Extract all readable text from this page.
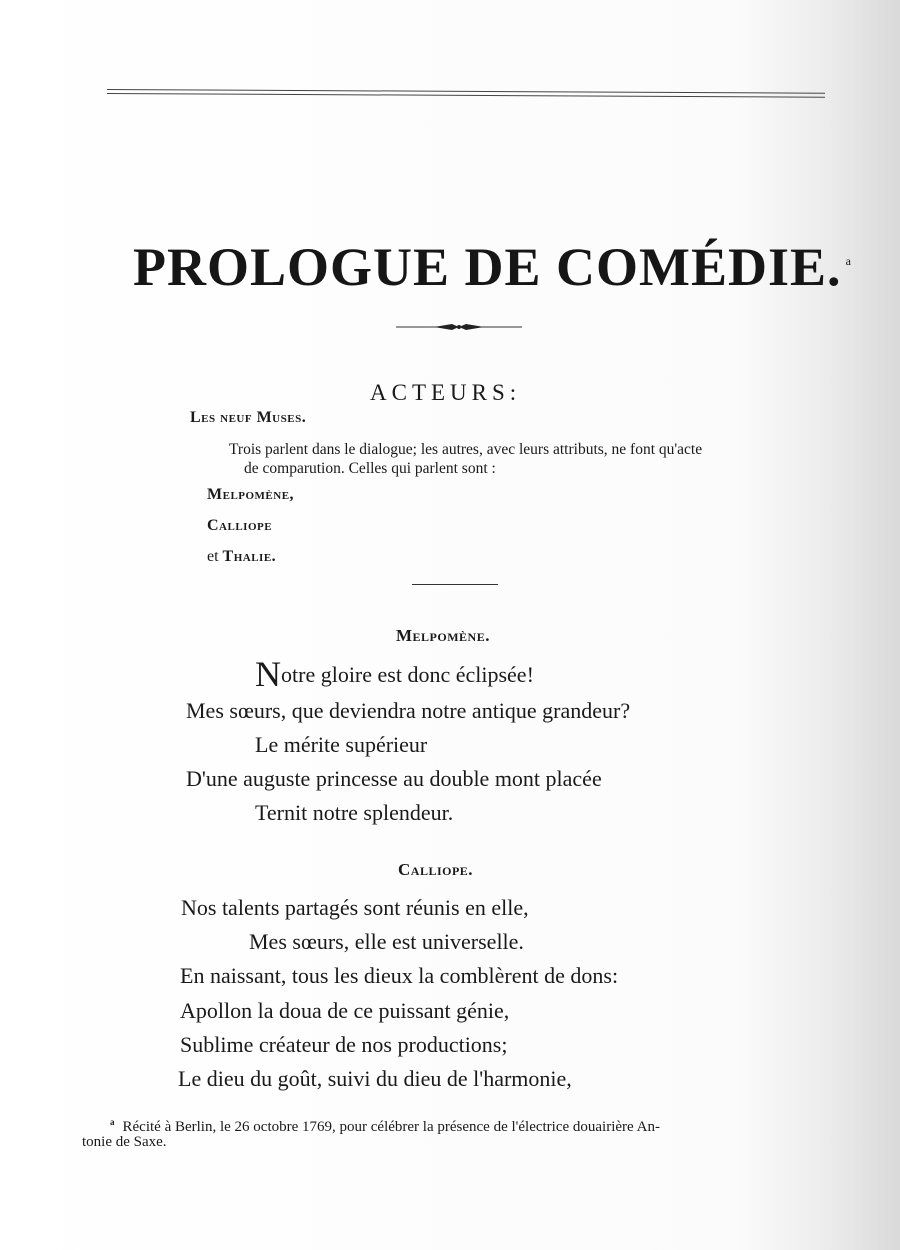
PROLOGUE DE COMÉDIE. $^a$
ACTEURS:
Les neuf Muses.
Trois parlent dans le dialogue; les autres, avec leurs attributs, ne font qu'acte
de comparution. Celles qui parlent sont :
Melpomène,
Calliope
et Thalie.
Melpomène.
Notre gloire est donc éclipsée!
Mes sœurs, que deviendra notre antique grandeur?
Le mérite supérieur
D'une auguste princesse au double mont placée
Ternit notre splendeur.
Calliope.
Nos talents partagés sont réunis en elle,
Mes sœurs, elle est universelle.
En naissant, tous les dieux la comblèrent de dons:
Apollon la doua de ce puissant génie,
Sublime créateur de nos productions;
Le dieu du goût, suivi du dieu de l'harmonie,
$^a$ Récité à Berlin, le 26 octobre 1769, pour célébrer la présence de l'électrice douairière An-
tonie de Saxe.
